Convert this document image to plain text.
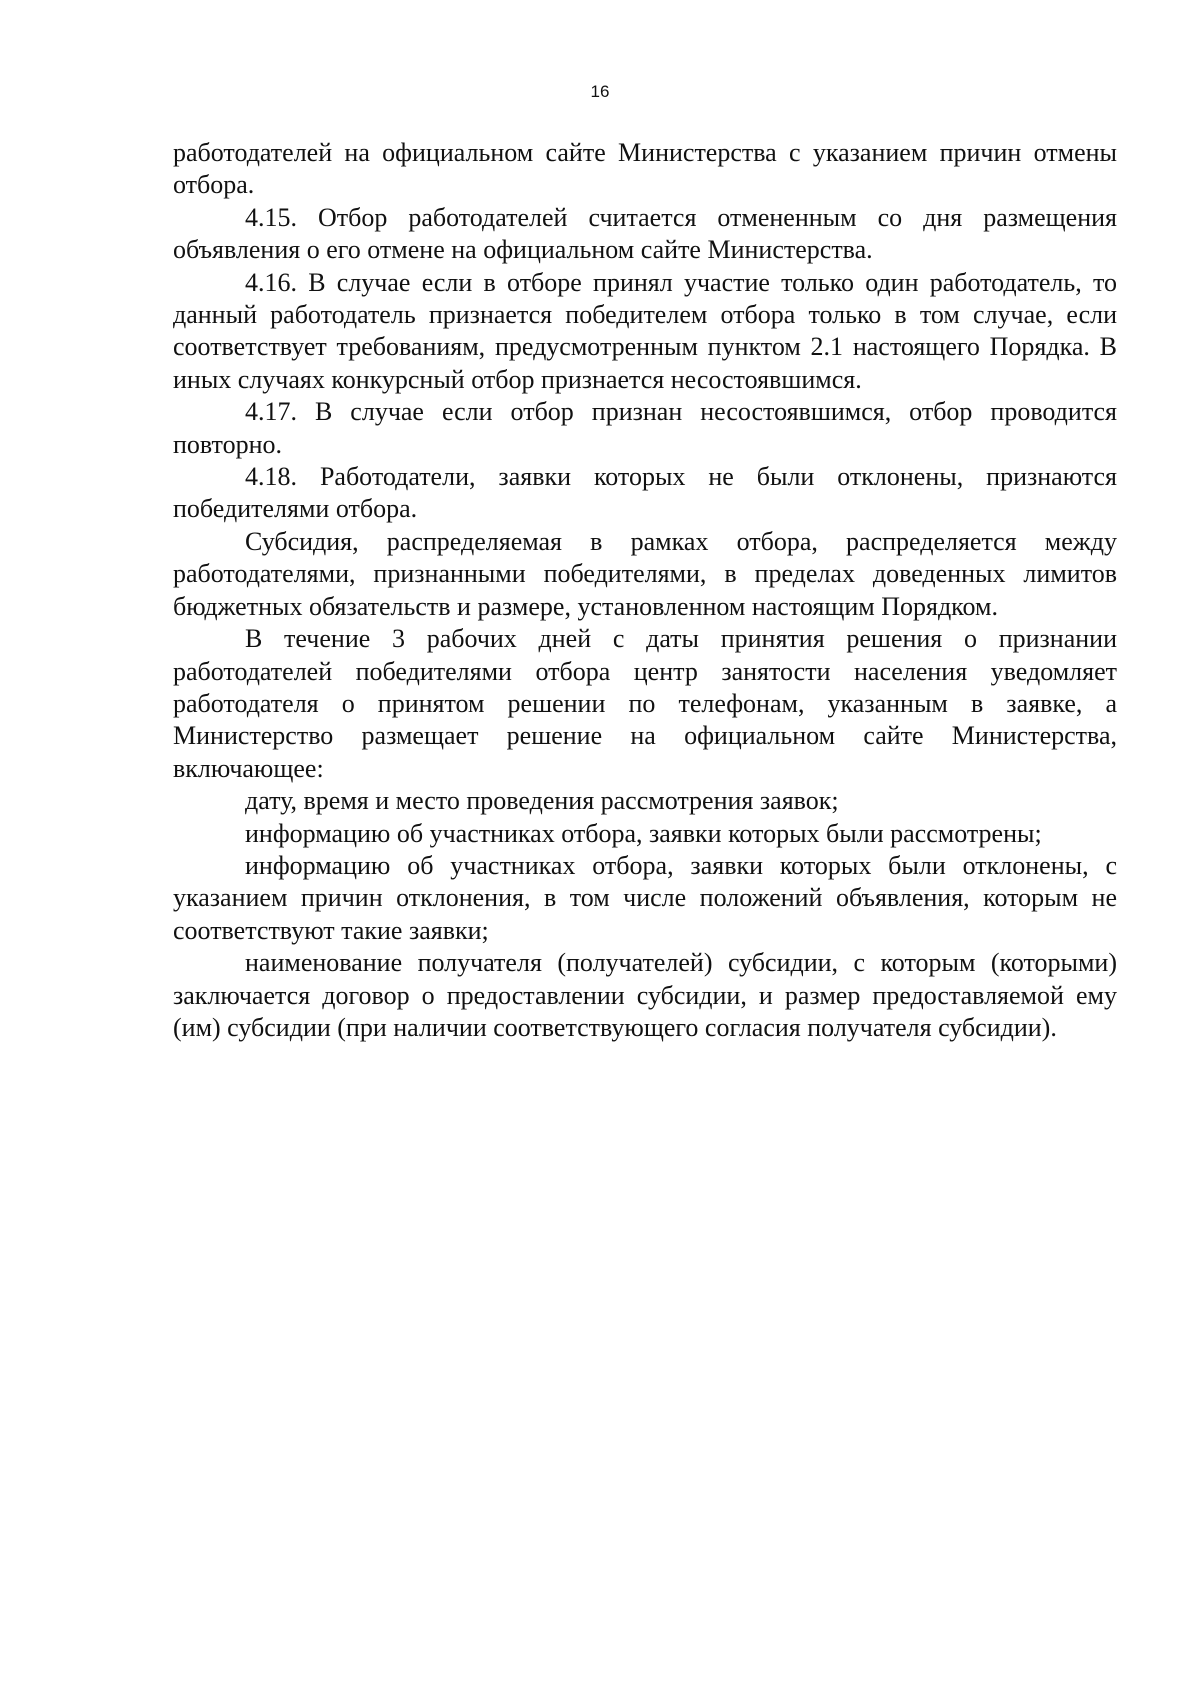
16

работодателей на официальном сайте Министерства с указанием причин отмены отбора.

4.15. Отбор работодателей считается отмененным со дня размещения объявления о его отмене на официальном сайте Министерства.

4.16. В случае если в отборе принял участие только один работодатель, то данный работодатель признается победителем отбора только в том случае, если соответствует требованиям, предусмотренным пунктом 2.1 настоящего Порядка. В иных случаях конкурсный отбор признается несостоявшимся.

4.17. В случае если отбор признан несостоявшимся, отбор проводится повторно.

4.18. Работодатели, заявки которых не были отклонены, признаются победителями отбора.

Субсидия, распределяемая в рамках отбора, распределяется между работодателями, признанными победителями, в пределах доведенных лимитов бюджетных обязательств и размере, установленном настоящим Порядком.

В течение 3 рабочих дней с даты принятия решения о признании работодателей победителями отбора центр занятости населения уведомляет работодателя о принятом решении по телефонам, указанным в заявке, а Министерство размещает решение на официальном сайте Министерства, включающее:

дату, время и место проведения рассмотрения заявок;

информацию об участниках отбора, заявки которых были рассмотрены;

информацию об участниках отбора, заявки которых были отклонены, с указанием причин отклонения, в том числе положений объявления, которым не соответствуют такие заявки;

наименование получателя (получателей) субсидии, с которым (которыми) заключается договор о предоставлении субсидии, и размер предоставляемой ему (им) субсидии (при наличии соответствующего согласия получателя субсидии).
